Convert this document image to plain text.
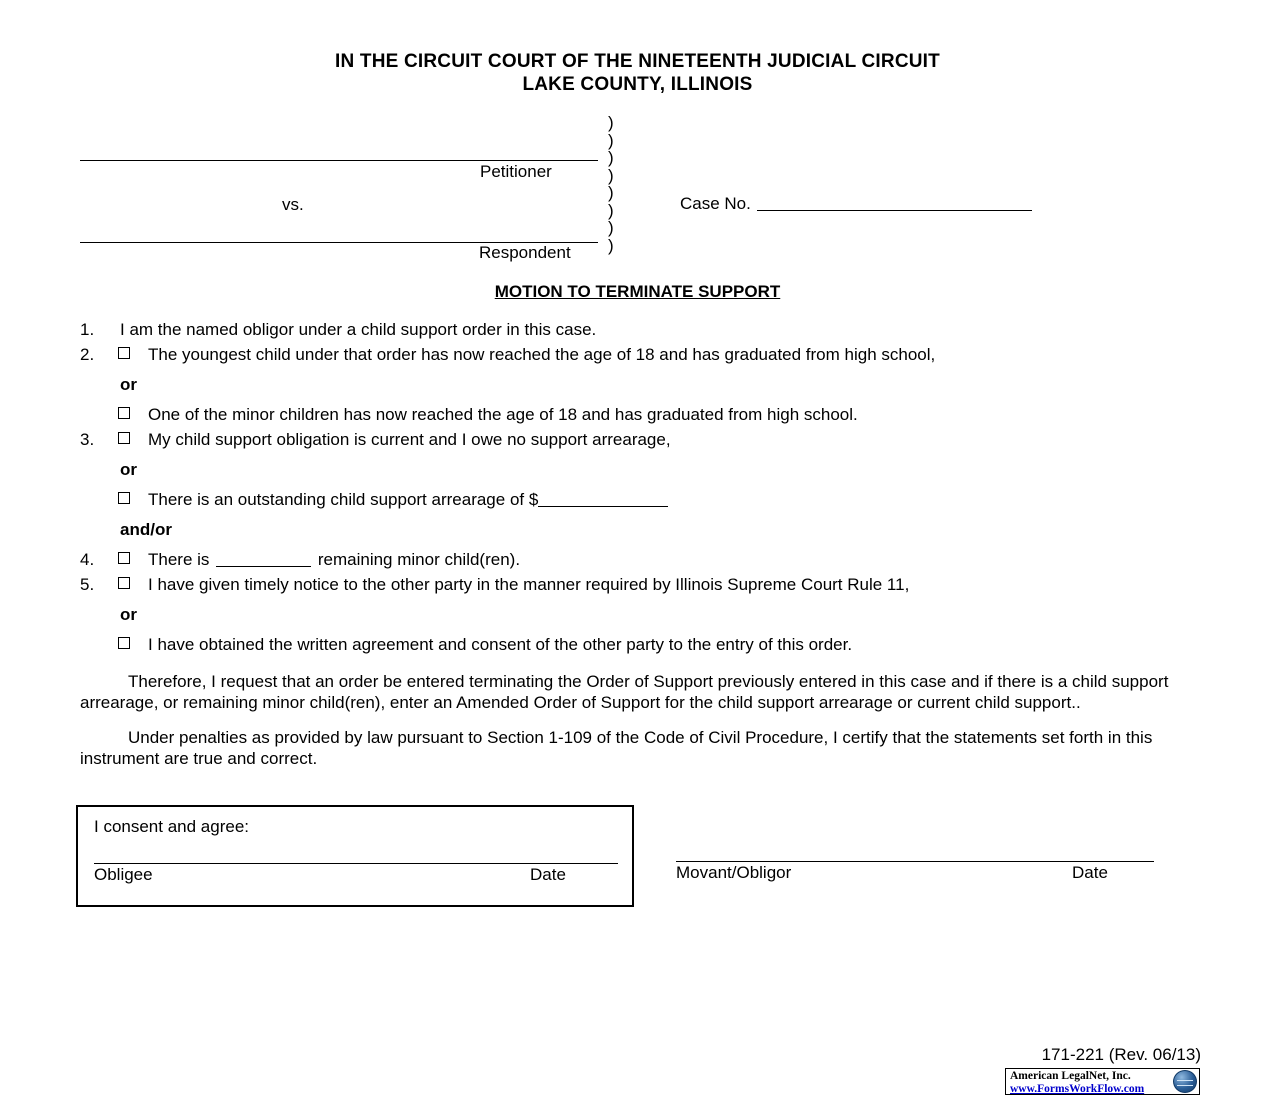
IN THE CIRCUIT COURT OF THE NINETEENTH JUDICIAL CIRCUIT
LAKE COUNTY, ILLINOIS
)
)
)
)
)
)
)
)
Petitioner
vs.
Respondent
Case No.
MOTION TO TERMINATE SUPPORT
1.	I am the named obligor under a child support order in this case.
2.	The youngest child under that order has now reached the age of 18 and has graduated from high school,
or
One of the minor children has now reached the age of 18 and has graduated from high school.
3.	My child support obligation is current and I owe no support arrearage,
or
There is an outstanding child support arrearage of $
and/or
4.	There is	remaining minor child(ren).
5.	I have given timely notice to the other party in the manner required by Illinois Supreme Court Rule 11,
or
I have obtained the written agreement and consent of the other party to the entry of this order.
Therefore, I request that an order be entered terminating the Order of Support previously entered in this case and if there is a child support arrearage, or remaining minor child(ren), enter an Amended Order of Support for the child support arrearage or current child support..
Under penalties as provided by law pursuant to Section 1-109 of the Code of Civil Procedure, I certify that the statements set forth in this instrument are true and correct.
I consent and agree:
Obligee	Date	Movant/Obligor	Date
171-221 (Rev. 06/13)
American LegalNet, Inc.
www.FormsWorkFlow.com
